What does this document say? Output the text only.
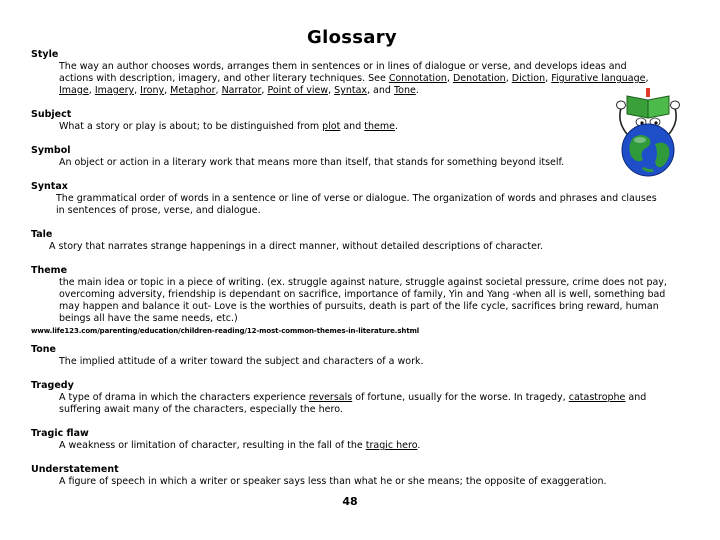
Glossary
Style
The way an author chooses words, arranges them in sentences or in lines of dialogue or verse, and develops ideas and actions with description, imagery, and other literary techniques. See Connotation, Denotation, Diction, Figurative language, Image, Imagery, Irony, Metaphor, Narrator, Point of view, Syntax, and Tone.
Subject
What a story or play is about; to be distinguished from plot and theme.
Symbol
An object or action in a literary work that means more than itself, that stands for something beyond itself.
Syntax
The grammatical order of words in a sentence or line of verse or dialogue. The organization of words and phrases and clauses in sentences of prose, verse, and dialogue.
Tale
A story that narrates strange happenings in a direct manner, without detailed descriptions of character.
Theme
the main idea or topic in a piece of writing. (ex. struggle against nature, struggle against societal pressure, crime does not pay, overcoming adversity, friendship is dependant on sacrifice, importance of family, Yin and Yang -when all is well, something bad may happen and balance it out- Love is the worthies of pursuits, death is part of the life cycle, sacrifices bring reward, human beings all have the same needs, etc.)
www.life123.com/parenting/education/children-reading/12-most-common-themes-in-literature.shtml
Tone
The implied attitude of a writer toward the subject and characters of a work.
Tragedy
A type of drama in which the characters experience reversals of fortune, usually for the worse. In tragedy, catastrophe and suffering await many of the characters, especially the hero.
Tragic flaw
A weakness or limitation of character, resulting in the fall of the tragic hero.
Understatement
A figure of speech in which a writer or speaker says less than what he or she means; the opposite of exaggeration.
48
